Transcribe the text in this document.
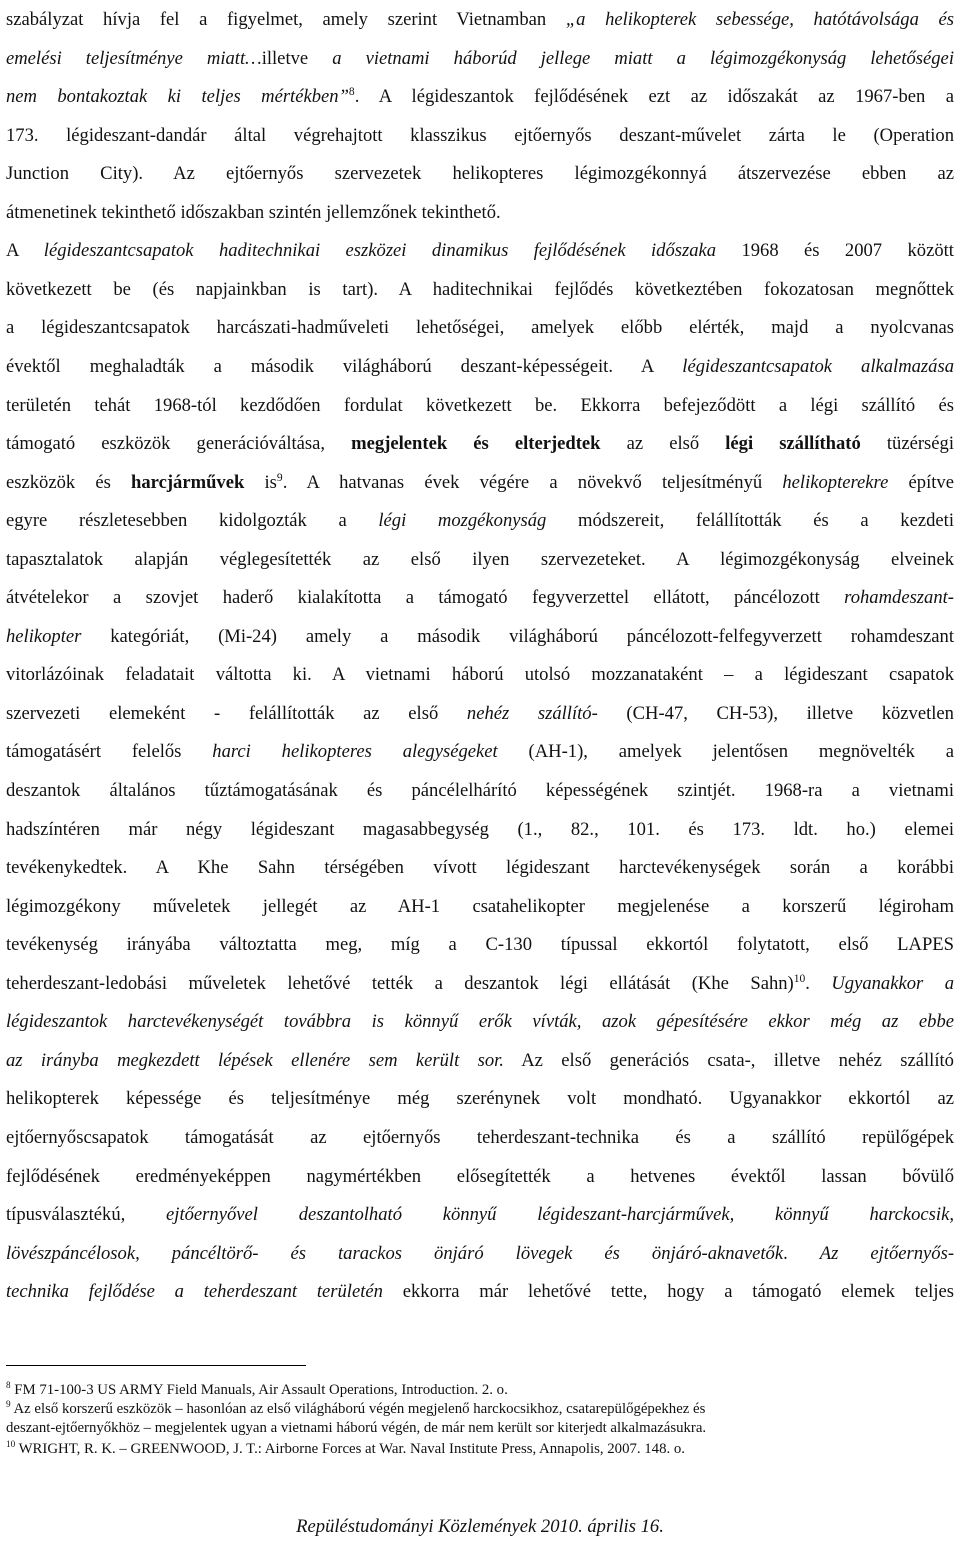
szabályzat hívja fel a figyelmet, amely szerint Vietnamban „a helikopterek sebessége, hatótávolsága és
emelési teljesítménye miatt…illetve a vietnami háborúd jellege miatt a légimozgékonyság lehetőségei
nem bontakoztak ki teljes mértékben”$^8$. A légideszantok fejlődésének ezt az időszakát az 1967-ben a
173. légideszant-dandár által végrehajtott klasszikus ejtőernyős deszant-művelet zárta le (Operation
Junction City). Az ejtőernyős szervezetek helikopteres légimozgékonnyá átszervezése ebben az
átmenetinek tekinthető időszakban szintén jellemzőnek tekinthető.
A légideszantcsapatok haditechnikai eszközei dinamikus fejlődésének időszaka 1968 és 2007 között
következett be (és napjainkban is tart). A haditechnikai fejlődés következtében fokozatosan megnőttek
a légideszantcsapatok harcászati-hadműveleti lehetőségei, amelyek előbb elérték, majd a nyolcvanas
évektől meghaladták a második világháború deszant-képességeit. A légideszantcsapatok alkalmazása
területén tehát 1968-tól kezdődően fordulat következett be. Ekkorra befejeződött a légi szállító és
támogató eszközök generációváltása, megjelentek és elterjedtek az első légi szállítható tüzérségi
eszközök és harcjárművek $is^9$. A hatvanas évek végére a növekvő teljesítményű helikopterekre építve
egyre részletesebben kidolgozták a légi mozgékonyság módszereit, felállították és a kezdeti
tapasztalatok alapján véglegesítették az első ilyen szervezeteket. A légimozgékonyság elveinek
átvételekor a szovjet haderő kialakította a támogató fegyverzettel ellátott, páncélozott rohamdeszant-
helikopter kategóriát, (Mi-24) amely a második világháború páncélozott-felfegyverzett rohamdeszant
vitorlázóinak feladatait váltotta ki. A vietnami háború utolsó mozzanataként – a légideszant csapatok
szervezeti elemeként - felállították az első nehéz szállító- (CH-47, CH-53), illetve közvetlen
támogatásért felelős harci helikopteres alegységeket (AH-1), amelyek jelentősen megnövelték a
deszantok általános tűztámogatásának és páncélelhárító képességének szintjét. 1968-ra a vietnami
hadszíntéren már négy légideszant magasabbegység (1., 82., 101. és 173. ldt. ho.) elemei
tevékenykedtek. A Khe Sahn térségében vívott légideszant harctevékenységek során a korábbi
légimozgékony műveletek jellegét az AH-1 csatahelikopter megjelenése a korszerű légiroham
tevékenység irányába változtatta meg, míg a C-130 típussal ekkortól folytatott, első LAPES
teherdeszant-ledobási műveletek lehetővé tették a deszantok légi ellátását (Khe Sahn)$^{10}$. Ugyanakkor a
légideszantok harctevékenységét továbbra is könnyű erők vívták, azok gépesítésére ekkor még az ebbe
az irányba megkezdett lépések ellenére sem került sor. Az első generációs csata-, illetve nehéz szállító
helikopterek képessége és teljesítménye még szerénynek volt mondható. Ugyanakkor ekkortól az
ejtőernyőscsapatok támogatását az ejtőernyős teherdeszant-technika és a szállító repülőgépek
fejlődésének eredményeképpen nagymértékben elősegítették a hetvenes évektől lassan bővülő
típusválasztékú, ejtőernyővel deszantolható könnyű légideszant-harcjárművek, könnyű harckocsik,
lövészpáncélosok, páncéltörő- és tarackos önjáró lövegek és önjáró-aknavetők. Az ejtőernyős-
technika fejlődése a teherdeszant területén ekkorra már lehetővé tette, hogy a támogató elemek teljes
$^8$ FM 71-100-3 US ARMY Field Manuals, Air Assault Operations, Introduction. 2. o.
$^9$ Az első korszerű eszközök – hasonlóan az első világháború végén megjelenő harckocsikhoz, csatarepülőgépekhez és
deszant-ejtőernyőkhöz – megjelentek ugyan a vietnami háború végén, de már nem került sor kiterjedt alkalmazásukra.
$^{10}$ WRIGHT, R. K. – GREENWOOD, J. T.: Airborne Forces at War. Naval Institute Press, Annapolis, 2007. 148. o.
Repüléstudományi Közlemények 2010. április 16.
